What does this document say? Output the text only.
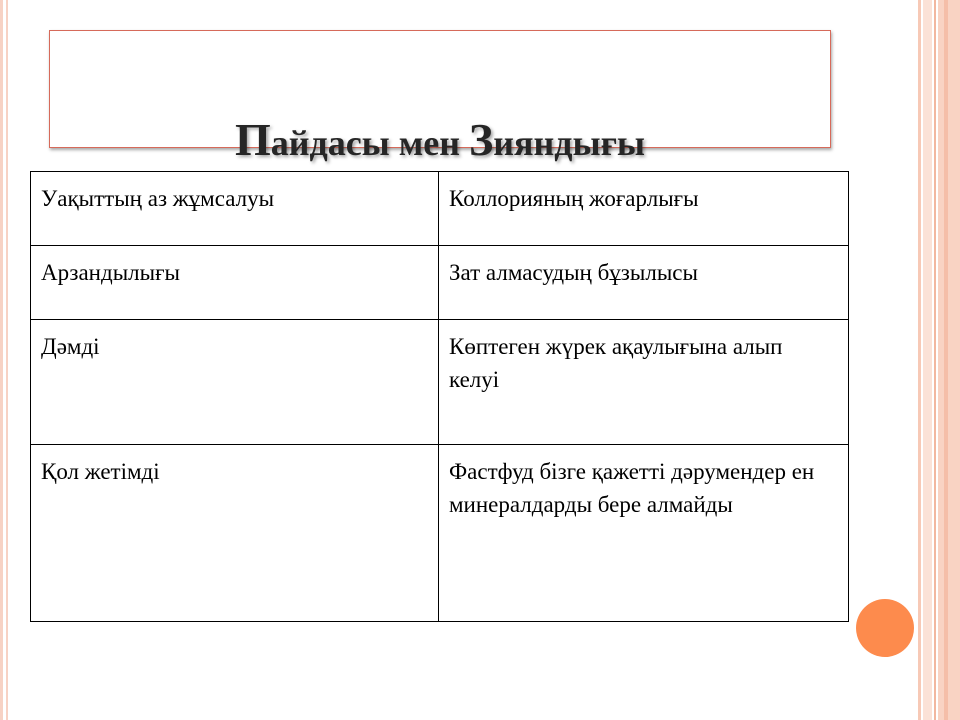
Пайдасы мен Зияндығы
Уақыттың аз жұмсалуы	Коллорияның жоғарлығы
Арзандылығы	Зат алмасудың бұзылысы
Дәмді	Көптеген жүрек ақаулығына алып келуі
Қол жетімді	Фастфуд бізге қажетті дәрумендер ен минералдарды бере алмайды
